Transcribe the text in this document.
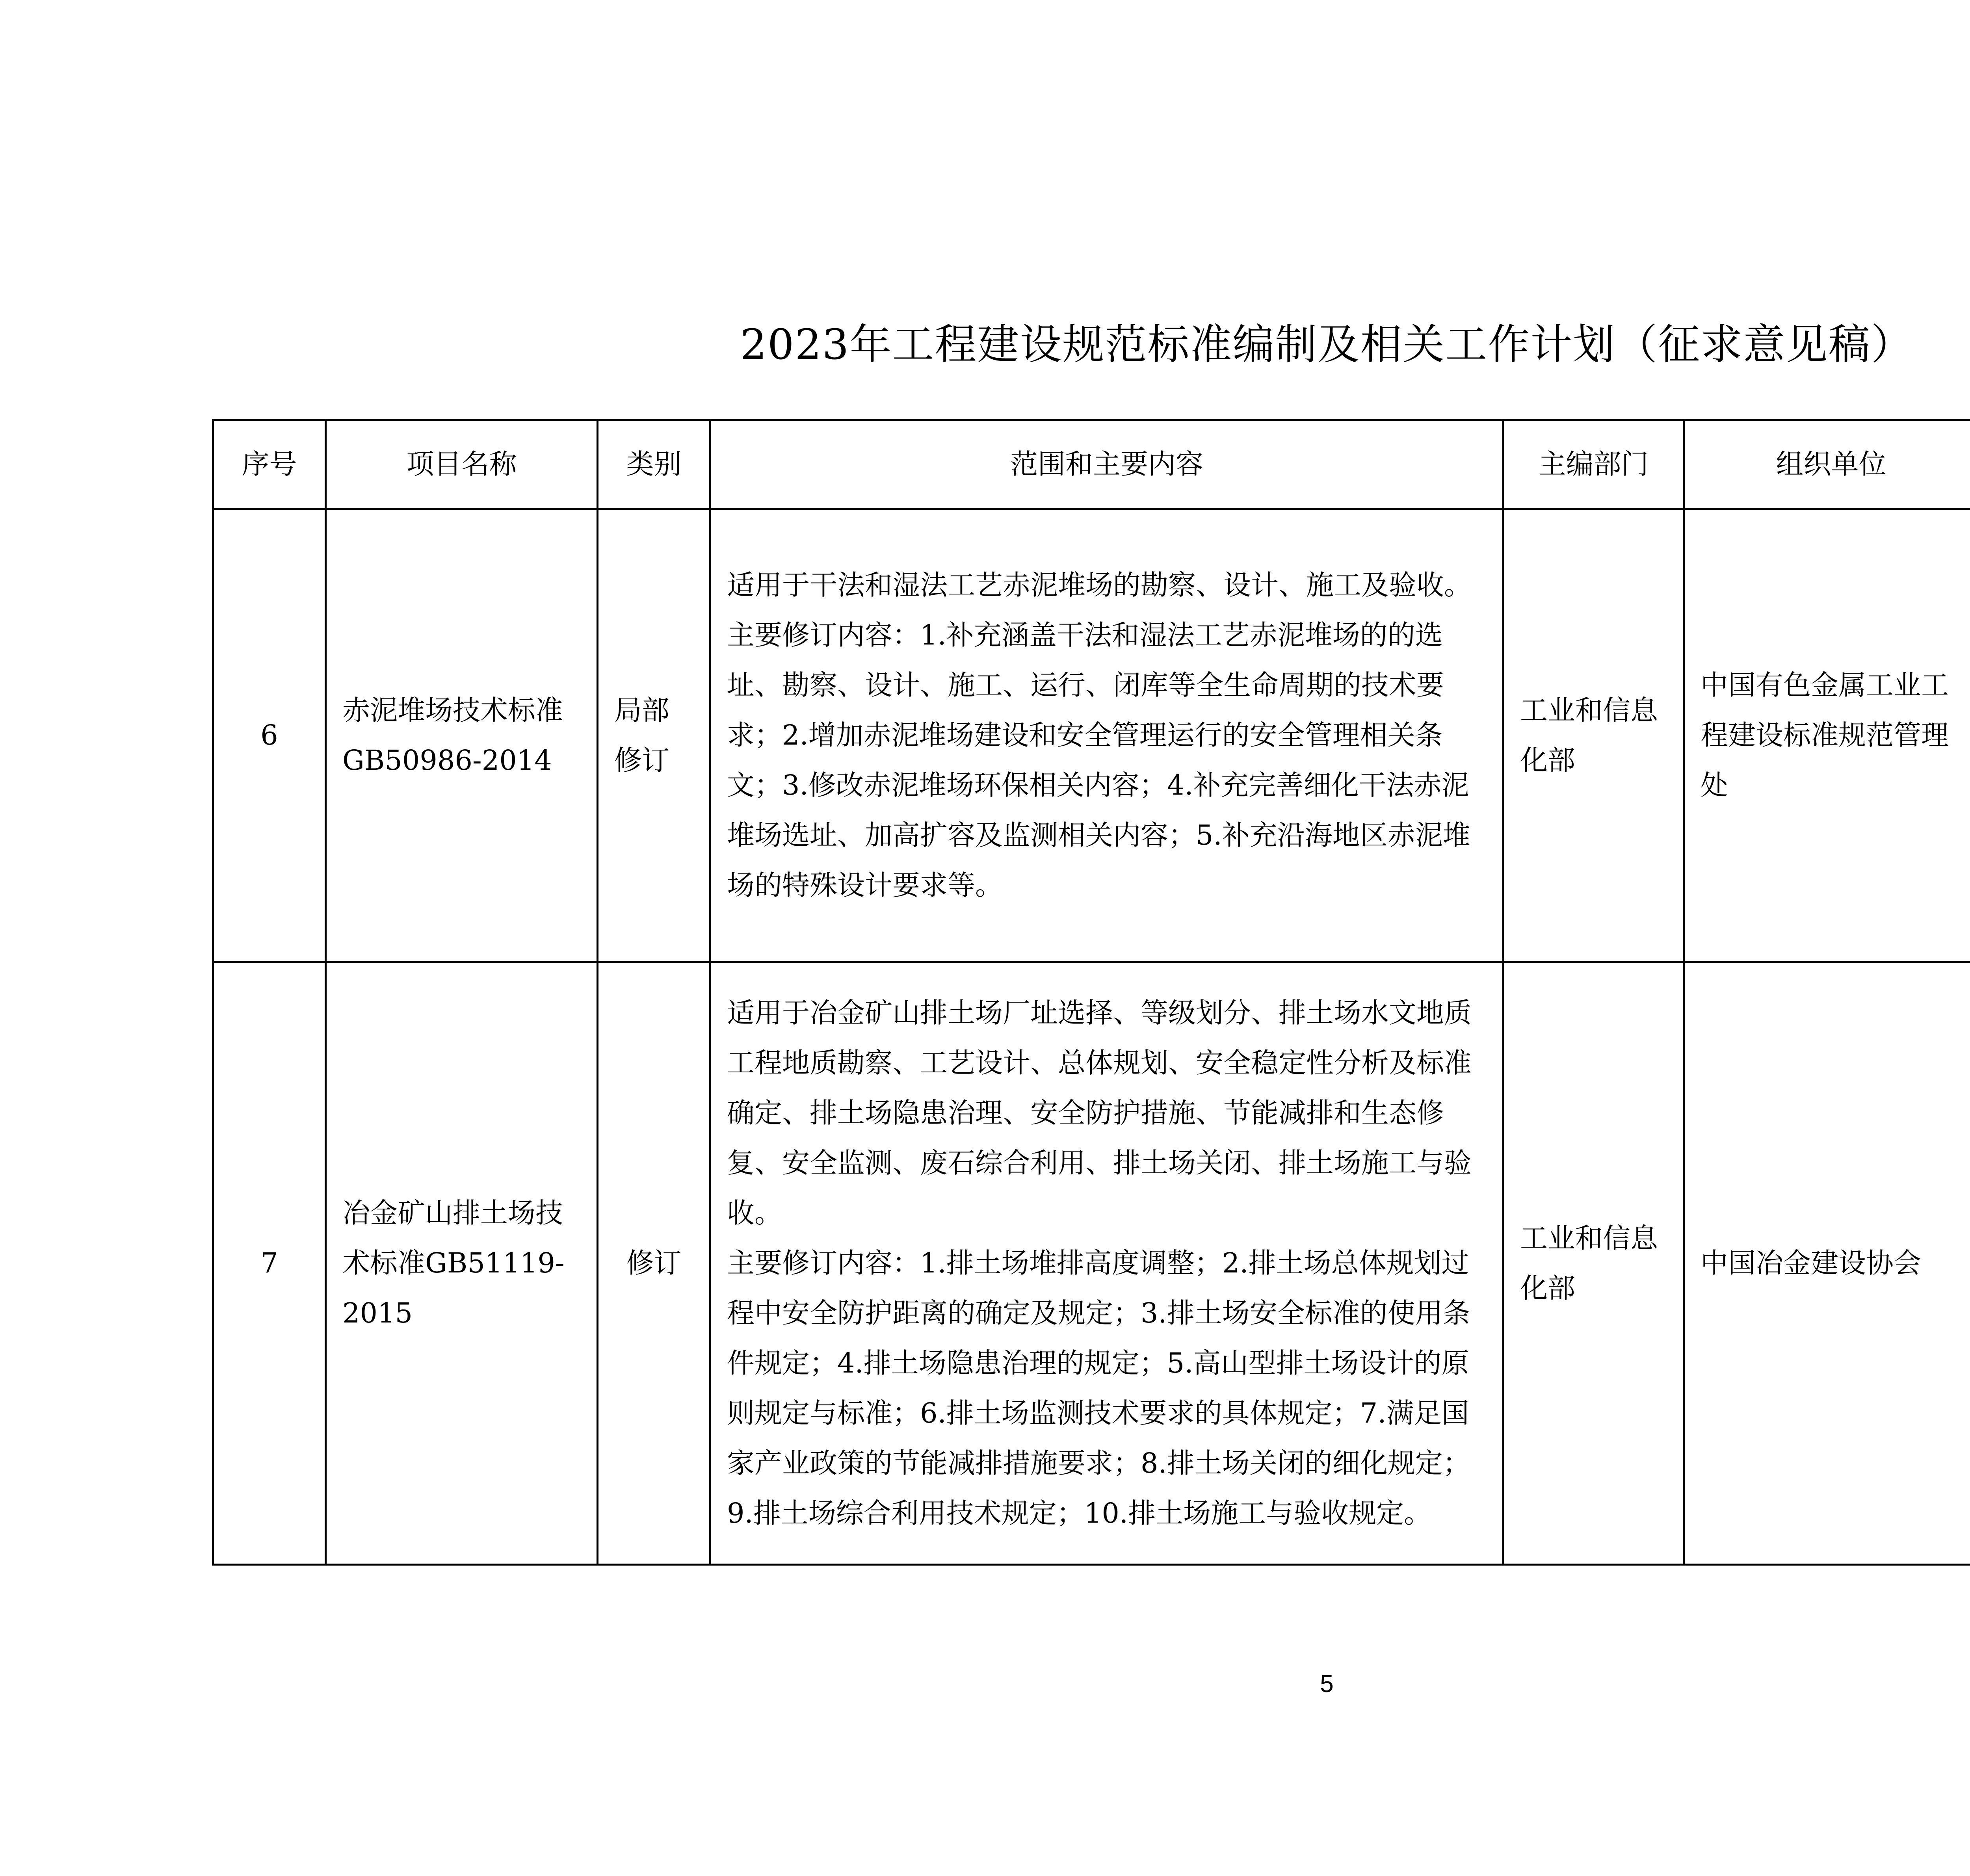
2023年工程建设规范标准编制及相关工作计划（征求意见稿）
序号	项目名称	类别	范围和主要内容	主编部门	组织单位		
6	赤泥堆场技术标准GB50986-2014	局部修订	适用于干法和湿法工艺赤泥堆场的勘察、设计、施工及验收。
主要修订内容：1.补充涵盖干法和湿法工艺赤泥堆场的的选址、勘察、设计、施工、运行、闭库等全生命周期的技术要求；2.增加赤泥堆场建设和安全管理运行的安全管理相关条文；3.修改赤泥堆场环保相关内容；4.补充完善细化干法赤泥堆场选址、加高扩容及监测相关内容；5.补充沿海地区赤泥堆场的特殊设计要求等。	工业和信息化部	中国有色金属工业工程建设标准规范管理处		
7	冶金矿山排土场技术标准GB51119-2015	修订	适用于冶金矿山排土场厂址选择、等级划分、排土场水文地质工程地质勘察、工艺设计、总体规划、安全稳定性分析及标准确定、排土场隐患治理、安全防护措施、节能减排和生态修复、安全监测、废石综合利用、排土场关闭、排土场施工与验收。
主要修订内容：1.排土场堆排高度调整；2.排土场总体规划过程中安全防护距离的确定及规定；3.排土场安全标准的使用条件规定；4.排土场隐患治理的规定；5.高山型排土场设计的原则规定与标准；6.排土场监测技术要求的具体规定；7.满足国家产业政策的节能减排措施要求；8.排土场关闭的细化规定；9.排土场综合利用技术规定；10.排土场施工与验收规定。	工业和信息化部	中国冶金建设协会		
5
